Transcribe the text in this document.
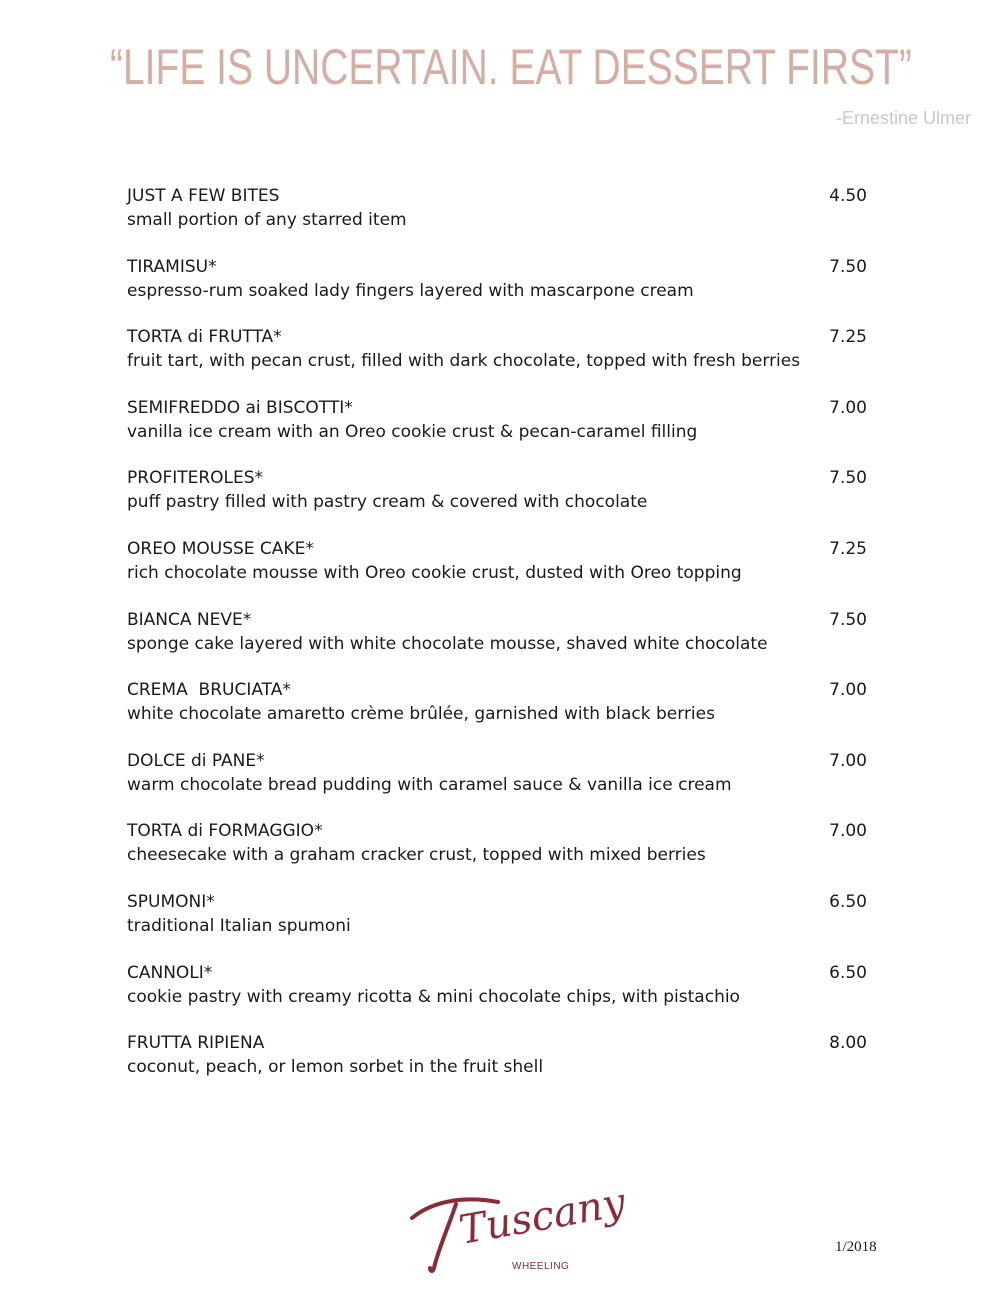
“LIFE IS UNCERTAIN. EAT DESSERT FIRST”
-Ernestine Ulmer
JUST A FEW BITES	4.50
small portion of any starred item
TIRAMISU*	7.50
espresso-rum soaked lady fingers layered with mascarpone cream
TORTA di FRUTTA*	7.25
fruit tart, with pecan crust, filled with dark chocolate, topped with fresh berries
SEMIFREDDO ai BISCOTTI*	7.00
vanilla ice cream with an Oreo cookie crust & pecan-caramel filling
PROFITEROLES*	7.50
puff pastry filled with pastry cream & covered with chocolate
OREO MOUSSE CAKE*	7.25
rich chocolate mousse with Oreo cookie crust, dusted with Oreo topping
BIANCA NEVE*	7.50
sponge cake layered with white chocolate mousse, shaved white chocolate
CREMA  BRUCIATA*	7.00
white chocolate amaretto crème brûlée, garnished with black berries
DOLCE di PANE*	7.00
warm chocolate bread pudding with caramel sauce & vanilla ice cream
TORTA di FORMAGGIO*	7.00
cheesecake with a graham cracker crust, topped with mixed berries
SPUMONI*	6.50
traditional Italian spumoni
CANNOLI*	6.50
cookie pastry with creamy ricotta & mini chocolate chips, with pistachio
FRUTTA RIPIENA	8.00
coconut, peach, or lemon sorbet in the fruit shell
Tuscany
WHEELING
1/2018
